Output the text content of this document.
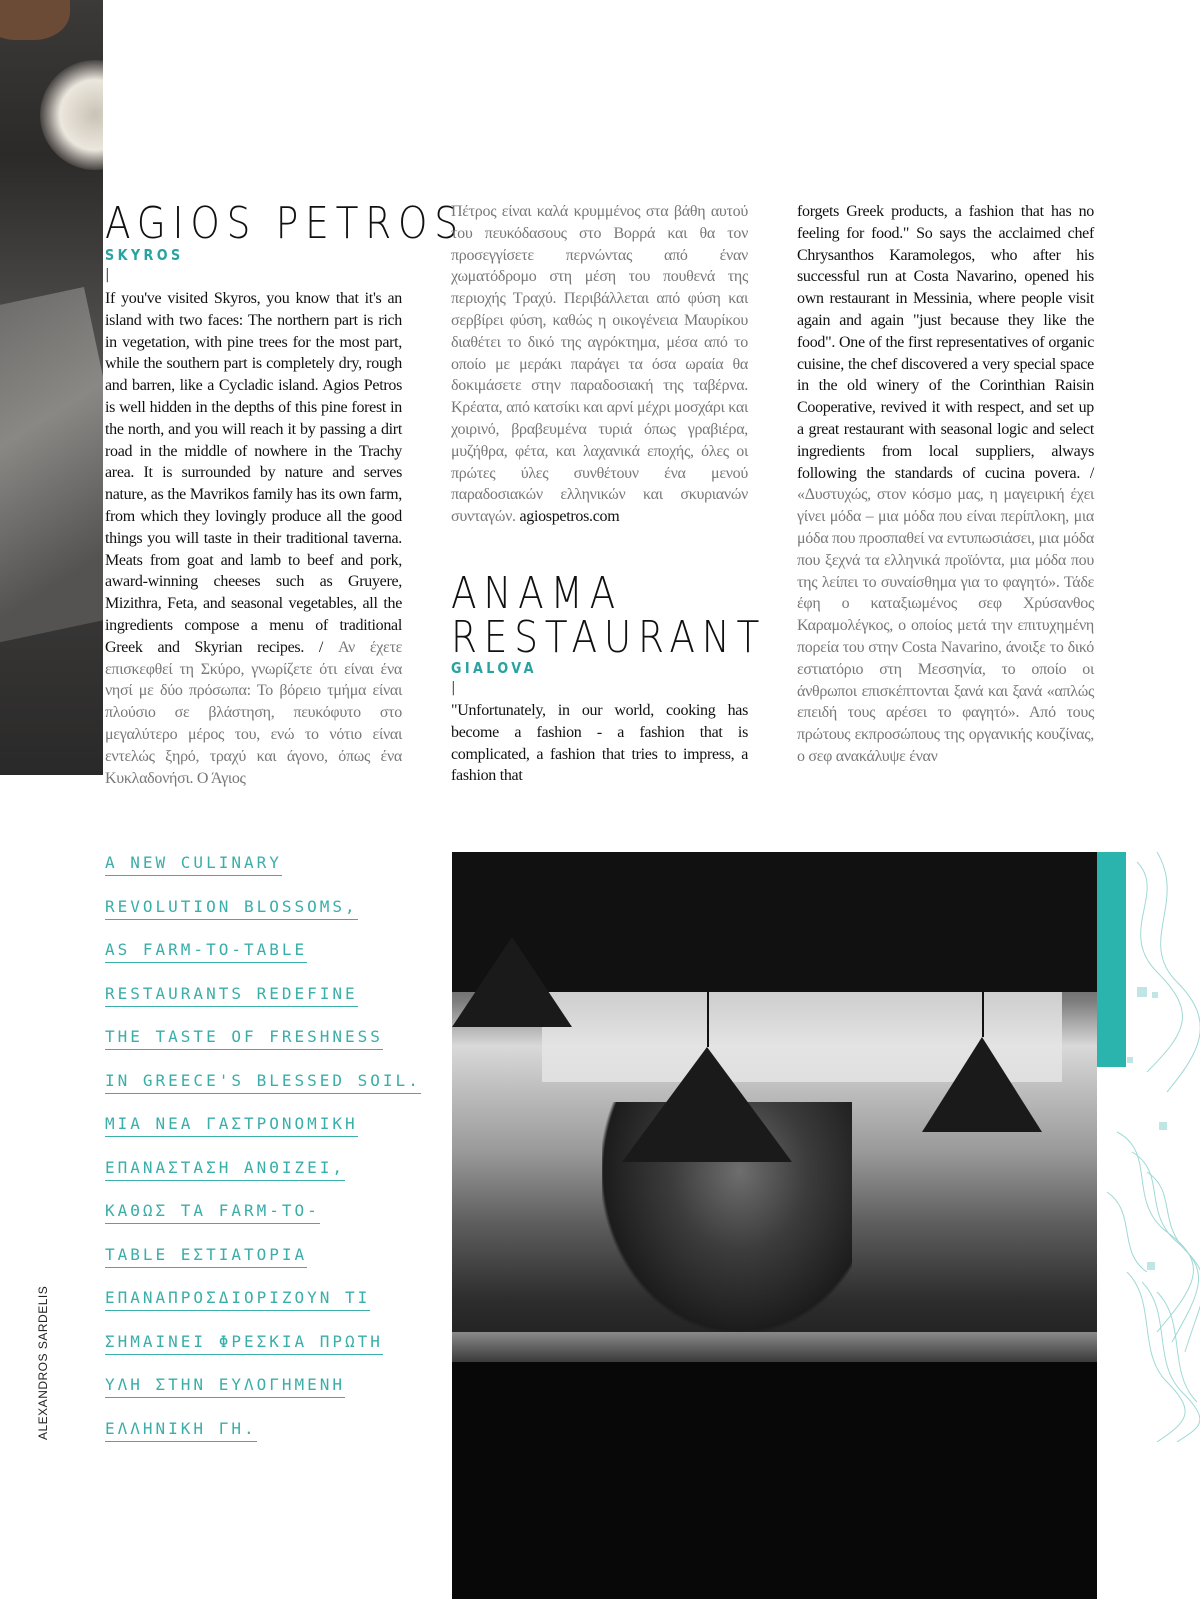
AGIOS PETROS
SKYROS
|
If you've visited Skyros, you know that it's an island with two faces: The northern part is rich in vegetation, with pine trees for the most part, while the southern part is completely dry, rough and barren, like a Cycladic island. Agios Petros is well hidden in the depths of this pine forest in the north, and you will reach it by passing a dirt road in the middle of nowhere in the Trachy area. It is surrounded by nature and serves nature, as the Mavrikos family has its own farm, from which they lovingly produce all the good things you will taste in their traditional taverna. Meats from goat and lamb to beef and pork, award-winning cheeses such as Gruyere, Mizithra, Feta, and seasonal vegetables, all the ingredients compose a menu of traditional Greek and Skyrian recipes. / Αν έχετε επισκεφθεί τη Σκύρο, γνωρίζετε ότι είναι ένα νησί με δύο πρόσωπα: Το βόρειο τμήμα είναι πλούσιο σε βλάστηση, πευκόφυτο στο μεγαλύτερο μέρος του, ενώ το νότιο είναι εντελώς ξηρό, τραχύ και άγονο, όπως ένα Κυκλαδονήσι. Ο Άγιος
Πέτρος είναι καλά κρυμμένος στα βάθη αυτού του πευκόδασους στο Βορρά και θα τον προσεγγίσετε περνώντας από έναν χωματόδρομο στη μέση του πουθενά της περιοχής Τραχύ. Περιβάλλεται από φύση και σερβίρει φύση, καθώς η οικογένεια Μαυρίκου διαθέτει το δικό της αγρόκτημα, μέσα από το οποίο με μεράκι παράγει τα όσα ωραία θα δοκιμάσετε στην παραδοσιακή της ταβέρνα. Κρέατα, από κατσίκι και αρνί μέχρι μοσχάρι και χοιρινό, βραβευμένα τυριά όπως γραβιέρα, μυζήθρα, φέτα, και λαχανικά εποχής, όλες οι πρώτες ύλες συνθέτουν ένα μενού παραδοσιακών ελληνικών και σκυριανών συνταγών. agiospetros.com
ANAMA
RESTAURANT
GIALOVA
|
"Unfortunately, in our world, cooking has become a fashion - a fashion that is complicated, a fashion that tries to impress, a fashion that
forgets Greek products, a fashion that has no feeling for food." So says the acclaimed chef Chrysanthos Karamolegos, who after his successful run at Costa Navarino, opened his own restaurant in Messinia, where people visit again and again "just because they like the food". One of the first representatives of organic cuisine, the chef discovered a very special space in the old winery of the Corinthian Raisin Cooperative, revived it with respect, and set up a great restaurant with seasonal logic and select ingredients from local suppliers, always following the standards of cucina povera. / «Δυστυχώς, στον κόσμο μας, η μαγειρική έχει γίνει μόδα – μια μόδα που είναι περίπλοκη, μια μόδα που προσπαθεί να εντυπωσιάσει, μια μόδα που ξεχνά τα ελληνικά προϊόντα, μια μόδα που της λείπει το συναίσθημα για το φαγητό». Τάδε έφη ο καταξιωμένος σεφ Χρύσανθος Καραμολέγκος, ο οποίος μετά την επιτυχημένη πορεία του στην Costa Navarino, άνοιξε το δικό εστιατόριο στη Μεσσηνία, το οποίο οι άνθρωποι επισκέπτονται ξανά και ξανά «απλώς επειδή τους αρέσει το φαγητό». Από τους πρώτους εκπροσώπους της οργανικής κουζίνας, ο σεφ ανακάλυψε έναν
A NEW CULINARY
REVOLUTION BLOSSOMS,
AS FARM-TO-TABLE
RESTAURANTS REDEFINE
THE TASTE OF FRESHNESS
IN GREECE'S BLESSED SOIL.
ΜΙΑ ΝΕΑ ΓΑΣΤΡΟΝΟΜΙΚΗ
ΕΠΑΝΑΣΤΑΣΗ ΑΝΘΙΖΕΙ,
ΚΑΘΩΣ ΤΑ FARM-TO-
TABLE ΕΣΤΙΑΤΟΡΙΑ
ΕΠΑΝΑΠΡΟΣΔΙΟΡΙΖΟΥΝ ΤΙ
ΣΗΜΑΙΝΕΙ ΦΡΕΣΚΙΑ ΠΡΩΤΗ
ΥΛΗ ΣΤΗΝ ΕΥΛΟΓΗΜΕΝΗ
ΕΛΛΗΝΙΚΗ ΓΗ.
ALEXANDROS SARDELIS
